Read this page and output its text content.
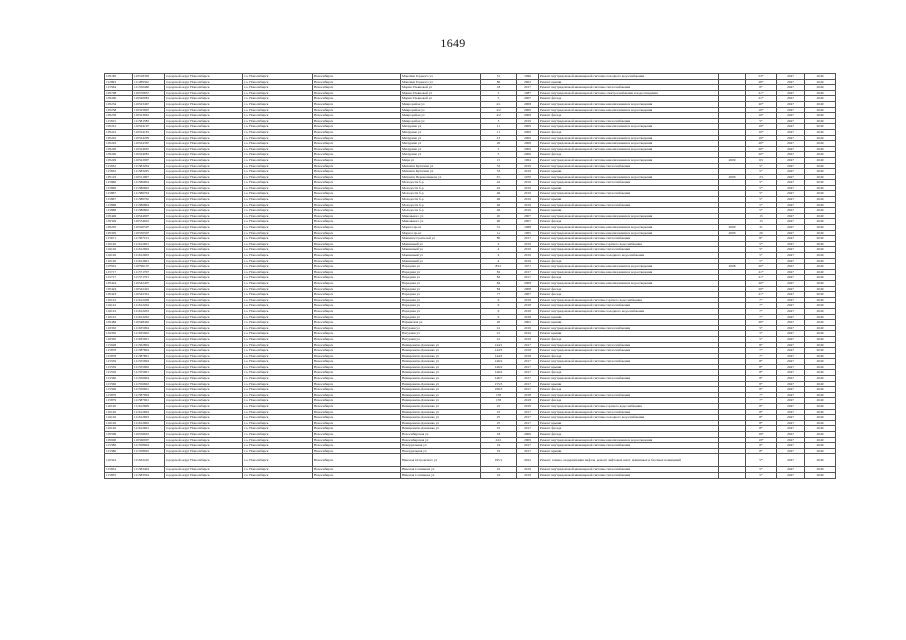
1649
105185	110518395	городской округ Новосибирск	г.о. Новосибирск	Новосибирск	Максима Горького ул	51	1996	Ремонт внутридомовой инженерной системы холодного водоснабжения		53*	2047	2049
112893	111289302	городской округ Новосибирск	г.о. Новосибирск	Новосибирск	Максима Горького ул	86	2002	Ремонт крыши		28*	2047	2049
115564	111556460	городской округ Новосибирск	г.о. Новосибирск	Новосибирск	Мария Ульяновой ул	18	2017	Ремонт внутридомовой инженерной системы теплоснабжения		8*	2047	2049
105708	110570837	городской округ Новосибирск	г.о. Новосибирск	Новосибирск	Мария Ульяновой ул	5	1987	Ремонт внутридомовой инженерной системы электроснабжения и водоотведения		21*	2047	2049
105200	110520081	городской округ Новосибирск	г.о. Новосибирск	Новосибирск	Мария Ульяновой ул	5	2007	Ремонт фасада		21*	2047	2049
105234	110523467	городской округ Новосибирск	г.о. Новосибирск	Новосибирск	Микрорайон ул	4/1	2008	Ремонт внутридомовой инженерной системы канализования и водоотведения		20*	2047	2049
105258	110525807	городской округ Новосибирск	г.о. Новосибирск	Новосибирск	Микрорайон ул	4/2	2009	Ремонт внутридомовой инженерной системы канализования и водоотведения		19*	2047	2049
105236	110523661	городской округ Новосибирск	г.о. Новосибирск	Новосибирск	Микрорайон ул	4/2	2009	Ремонт фасада		19*	2047	2049
115815	111581583	городской округ Новосибирск	г.о. Новосибирск	Новосибирск	Микрорайон ул	3	2019	Ремонт внутридомовой инженерной системы теплоснабжения		5*	2047	2049
105241	110524107	городской округ Новосибирск	г.о. Новосибирск	Новосибирск	Мичурина ул	11	2009	Ремонт внутридомовой инженерной системы канализования и водоотведения		19*	2047	2049
105241	110524181	городской округ Новосибирск	г.о. Новосибирск	Новосибирск	Мичурина ул	11	2009	Ремонт фасада		19*	2047	2049
105242	110524205	городской округ Новосибирск	г.о. Новосибирск	Новосибирск	Мичурина ул	13	2009	Ремонт внутридомовой инженерной системы канализования и водоотведения		19*	2047	2049
105243	110524367	городской округ Новосибирск	г.о. Новосибирск	Новосибирск	Мичурина ул	20	2008	Ремонт внутридомовой инженерной системы канализования и водоотведения		20*	2047	2049
105240	110524067	городской округ Новосибирск	г.о. Новосибирск	Новосибирск	Мичурина ул	5	2009	Ремонт внутридомовой инженерной системы канализования и водоотведения		20*	2047	2049
105240	110524081	городской округ Новосибирск	г.о. Новосибирск	Новосибирск	Мичурина ул	5	2006	Ремонт фасада		20*	2047	2049
105229	110522907	городской округ Новосибирск	г.о. Новосибирск	Новосибирск	Мира ул	15	1964	Ремонт внутридомовой инженерной системы канализования и водоотведения	2009	63	2047	2049
115832	111583204	городской округ Новосибирск	г.о. Новосибирск	Новосибирск	Михаила Кулагина ул	33	2019	Ремонт внутридомовой инженерной системы теплоснабжения		5*	2047	2049
115832	111583205	городской округ Новосибирск	г.о. Новосибирск	Новосибирск	Михаила Кулагина ул	33	2019	Ремонт крыши		5*	2047	2049
105119	110511907	городской округ Новосибирск	г.о. Новосибирск	Новосибирск	Михаила Перевозчикова ул	3/1	1970	Ремонт внутридомовой инженерной системы канализования и водоотведения	2009	23	2047	2049
115866	111586604	городской округ Новосибирск	г.о. Новосибирск	Новосибирск	Молодости б-р	42	2019	Ремонт внутридомовой инженерной системы теплоснабжения		5*	2047	2049
115866	111586602	городской округ Новосибирск	г.о. Новосибирск	Новосибирск	Молодости б-р	42	2019	Ремонт крыши		5*	2047	2049
115867	111586704	городской округ Новосибирск	г.о. Новосибирск	Новосибирск	Молодости б-р	46	2019	Ремонт внутридомовой инженерной системы теплоснабжения		5*	2047	2049
115867	111586702	городской округ Новосибирск	г.о. Новосибирск	Новосибирск	Молодости б-р	46	2019	Ремонт крыши		5*	2047	2049
115868	111586804	городской округ Новосибирск	г.о. Новосибирск	Новосибирск	Молодости б-р	46	2019	Ремонт внутридомовой инженерной системы теплоснабжения		5*	2047	2049
115868	111586802	городской округ Новосибирск	г.о. Новосибирск	Новосибирск	Молодости б-р	46	2019	Ремонт крыши		5*	2047	2049
105449	110544907	городской округ Новосибирск	г.о. Новосибирск	Новосибирск	Мяконького ул	20	2007	Ремонт внутридомовой инженерной системы канализования и водоотведения		15	2047	2049
105349	110534901	городской округ Новосибирск	г.о. Новосибирск	Новосибирск	Мяконького ул	90	2007	Ремонт фасада		15	2047	2049
105205	110520507	городской округ Новосибирск	г.о. Новосибирск	Новосибирск	Маркса пр-кт	31	1968	Ремонт внутридомовой инженерной системы канализования и водоотведения	2009	31	2047	2049
105305	110530507	городской округ Новосибирск	г.о. Новосибирск	Новосибирск	Маркса пр-кт	1а	1965	Ремонт внутридомовой инженерной системы канализования и водоотведения	2009	20	2047	2049
115671	111567101	городской округ Новосибирск	г.о. Новосибирск	Новосибирск	Машиностроителей ул	80	2017	Ремонт внутридомовой инженерной системы теплоснабжения		8*	2047	2049
116126	111612601	городской округ Новосибирск	г.о. Новосибирск	Новосибирск	Машинный ул	4	2019	Ремонт внутридомовой инженерной системы горячего водоснабжения		5*	2047	2049
116126	111612604	городской округ Новосибирск	г.о. Новосибирск	Новосибирск	Машинный ул	4	2019	Ремонт внутридомовой инженерной системы теплоснабжения		5*	2047	2049
116126	111612603	городской округ Новосибирск	г.о. Новосибирск	Новосибирск	Машинный ул	4	2019	Ремонт внутридомовой инженерной системы холодного водоснабжения		5*	2047	2049
116126	111612601	городской округ Новосибирск	г.о. Новосибирск	Новосибирск	Машинный ул	4	2019	Ремонт фасада		5*	2047	2049
107901	110790107	городской округ Новосибирск	г.о. Новосибирск	Новосибирск	Нарадная ул	83/1	1971	Ремонт внутридомовой инженерной системы канализования и водоотведения	2008	20*	2047	2049
115717	111571707	городской округ Новосибирск	г.о. Новосибирск	Новосибирск	Нарадная ул	82	2017	Ремонт внутридомовой инженерной системы канализования и водоотведения		21*	2047	2049
115717	111571701	городской округ Новосибирск	г.о. Новосибирск	Новосибирск	Нарадная ул	82	2017	Ремонт фасада		21*	2047	2049
105424	110542407	городской округ Новосибирск	г.о. Новосибирск	Новосибирск	Нарадная ул	84	2008	Ремонт внутридомовой инженерной системы канализования и водоотведения		20*	2047	2049
105424	110542401	городской округ Новосибирск	г.о. Новосибирск	Новосибирск	Нарадная ул	84	2008	Ремонт фасада		20*	2047	2049
105423	110542301	городской округ Новосибирск	г.о. Новосибирск	Новосибирск	Нарадная ул	77	2007	Ремонт фасада		21*	2047	2049
116122	111612209	городской округ Новосибирск	г.о. Новосибирск	Новосибирск	Нарадная ул	9	2018	Ремонт внутридомовой инженерной системы горячего водоснабжения		7*	2047	2049
116122	111612204	городской округ Новосибирск	г.о. Новосибирск	Новосибирск	Нарадная ул	9	2018	Ремонт внутридомовой инженерной системы теплоснабжения		7*	2047	2049
116122	111612203	городской округ Новосибирск	г.о. Новосибирск	Новосибирск	Нарадная ул	9	2018	Ремонт внутридомовой инженерной системы холодного водоснабжения		7*	2047	2049
116122	111612202	городской округ Новосибирск	г.о. Новосибирск	Новосибирск	Нарадная ул	9	2018	Ремонт крыши		7*	2047	2049
105484	110548402	городской округ Новосибирск	г.о. Новосибирск	Новосибирск	Нарымская ул	20	2002	Ремонт крыши		26*	2047	2049
116350	111635004	городской округ Новосибирск	г.о. Новосибирск	Новосибирск	Натурная ул	41	2019	Ремонт внутридомовой инженерной системы теплоснабжения		5*	2047	2049
116350	111635002	городской округ Новосибирск	г.о. Новосибирск	Новосибирск	Натурная ул	41	2019	Ремонт крыши		5*	2047	2049
116350	111635001	городской округ Новосибирск	г.о. Новосибирск	Новосибирск	Натурная ул	41	2019	Ремонт фасада		5*	2047	2049
115628	111562804	городской округ Новосибирск	г.о. Новосибирск	Новосибирск	Немировича-Данченко ул	144/1	2017	Ремонт внутридомовой инженерной системы теплоснабжения		8*	2047	2049
115878	111587804	городской округ Новосибирск	г.о. Новосибирск	Новосибирск	Немировича-Данченко ул	144/3	2018	Ремонт внутридомовой инженерной системы теплоснабжения		7*	2047	2049
115878	111587801	городской округ Новосибирск	г.о. Новосибирск	Новосибирск	Немировича-Данченко ул	144/3	2018	Ремонт фасада		7*	2047	2049
115559	111555904	городской округ Новосибирск	г.о. Новосибирск	Новосибирск	Немировича-Данченко ул	146/2	2017	Ремонт внутридомовой инженерной системы теплоснабжения		8*	2047	2049
115559	111555902	городской округ Новосибирск	г.о. Новосибирск	Новосибирск	Немировича-Данченко ул	146/2	2017	Ремонт крыши		8*	2047	2049
115559	111555901	городской округ Новосибирск	г.о. Новосибирск	Новосибирск	Немировича-Данченко ул	146/2	2017	Ремонт фасада		8*	2047	2049
115560	111556004	городской округ Новосибирск	г.о. Новосибирск	Новосибирск	Немировича-Данченко ул	146/7	2017	Ремонт внутридомовой инженерной системы теплоснабжения		8*	2047	2049
115566	111556602	городской округ Новосибирск	г.о. Новосибирск	Новосибирск	Немировича-Данченко ул	155/3	2017	Ремонт крыши		8*	2047	2049
115566	111556601	городской округ Новосибирск	г.о. Новосибирск	Новосибирск	Немировича-Данченко ул	166/3	2017	Ремонт фасада		8*	2047	2049
115879	111587904	городской округ Новосибирск	г.о. Новосибирск	Новосибирск	Немировича-Данченко ул	158	2018	Ремонт внутридомовой инженерной системы теплоснабжения		7*	2047	2049
115879	111587901	городской округ Новосибирск	г.о. Новосибирск	Новосибирск	Немировича-Данченко ул	158	2018	Ремонт фасада		7*	2047	2049
116126	111612609	городской округ Новосибирск	г.о. Новосибирск	Новосибирск	Немировича-Данченко ул	25	2019	Ремонт внутридомовой инженерной системы горячего водоснабжения		8*	2047	2049
116126	111612604	городской округ Новосибирск	г.о. Новосибирск	Новосибирск	Немировича-Данченко ул	25	2017	Ремонт внутридомовой инженерной системы теплоснабжения		8*	2047	2049
116126	111612603	городской округ Новосибирск	г.о. Новосибирск	Новосибирск	Немировича-Данченко ул	25	2017	Ремонт внутридомовой инженерной системы холодного водоснабжения		8*	2047	2049
116126	111612602	городской округ Новосибирск	г.о. Новосибирск	Новосибирск	Немировича-Данченко ул	25	2017	Ремонт крыши		8*	2047	2049
116126	111612601	городской округ Новосибирск	г.о. Новосибирск	Новосибирск	Немировича-Данченко ул	25	2017	Ремонт фасада		8*	2047	2049
105596	110559601	городской округ Новосибирск	г.о. Новосибирск	Новосибирск	Новосибирская ул	18	2009	Ремонт фасада		18*	2047	2049
105600	110560007	городской округ Новосибирск	г.о. Новосибирск	Новосибирск	Новосибирская ул	24/1	2009	Ремонт внутридомовой инженерной системы канализования и водоотведения		19*	2047	2049
115580	111558004	городской округ Новосибирск	г.о. Новосибирск	Новосибирск	Новоуральная ул	19	2017	Ремонт внутридомовой инженерной системы теплоснабжения		8*	2047	2049
115580	111558002	городской округ Новосибирск	г.о. Новосибирск	Новосибирск	Новоуральная ул	19	2017	Ремонт крыши		8*	2047	2049
116324	111632410	городской округ Новосибирск	г.о. Новосибирск	Новосибирск	Николая Островского ул	195/1	2022	Ремонт, замена, модернизация лифтов, ремонт лифтовых шахт, машинных и блочных помещений		5*	2047	2049
115834	111583404	городской округ Новосибирск	г.о. Новосибирск	Новосибирск	Николая Сотникова ул	16	2019	Ремонт внутридомовой инженерной системы теплоснабжения		5*	2047	2049
115835	111583504	городской округ Новосибирск	г.о. Новосибирск	Новосибирск	Николая Сотникова ул	16	2019	Ремонт внутридомовой инженерной системы теплоснабжения		5*	2047	2049
